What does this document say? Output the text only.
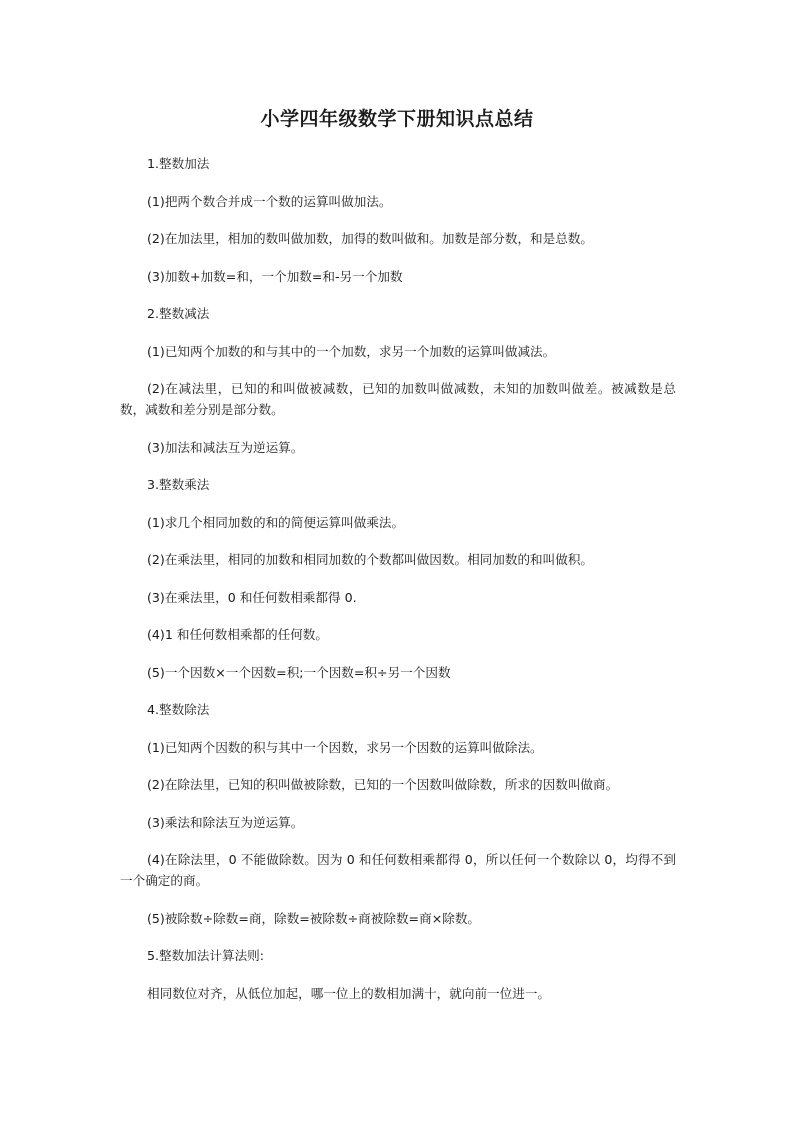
小学四年级数学下册知识点总结

1.整数加法

(1)把两个数合并成一个数的运算叫做加法。

(2)在加法里，相加的数叫做加数，加得的数叫做和。加数是部分数，和是总数。

(3)加数+加数=和，一个加数=和-另一个加数

2.整数减法

(1)已知两个加数的和与其中的一个加数，求另一个加数的运算叫做减法。

(2)在减法里，已知的和叫做被减数，已知的加数叫做减数，未知的加数叫做差。被减数是总数，减数和差分别是部分数。

(3)加法和减法互为逆运算。

3.整数乘法

(1)求几个相同加数的和的简便运算叫做乘法。

(2)在乘法里，相同的加数和相同加数的个数都叫做因数。相同加数的和叫做积。

(3)在乘法里，0 和任何数相乘都得 0.

(4)1 和任何数相乘都的任何数。

(5)一个因数×一个因数=积;一个因数=积÷另一个因数

4.整数除法

(1)已知两个因数的积与其中一个因数，求另一个因数的运算叫做除法。

(2)在除法里，已知的积叫做被除数，已知的一个因数叫做除数，所求的因数叫做商。

(3)乘法和除法互为逆运算。

(4)在除法里，0 不能做除数。因为 0 和任何数相乘都得 0，所以任何一个数除以 0，均得不到一个确定的商。

(5)被除数÷除数=商，除数=被除数÷商被除数=商×除数。

5.整数加法计算法则:

相同数位对齐，从低位加起，哪一位上的数相加满十，就向前一位进一。
